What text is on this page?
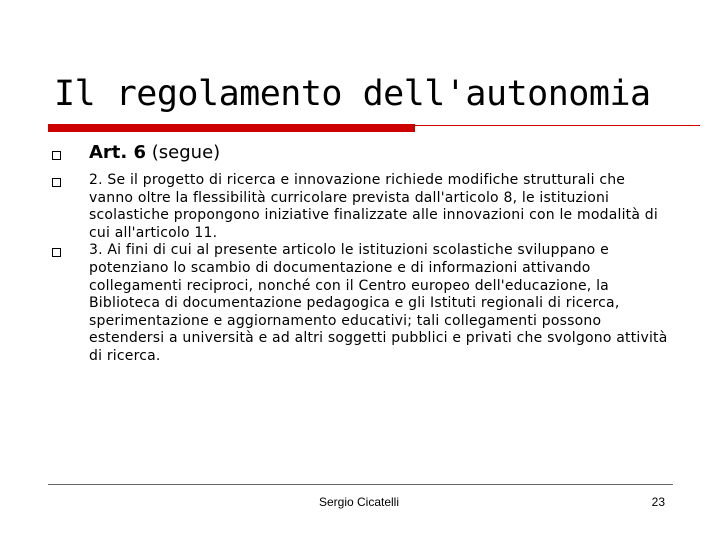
Il regolamento dell'autonomia
Art. 6 (segue)
2. Se il progetto di ricerca e innovazione richiede modifiche strutturali che vanno oltre la flessibilità curricolare prevista dall'articolo 8, le istituzioni scolastiche propongono iniziative finalizzate alle innovazioni con le modalità di cui all'articolo 11.
3. Ai fini di cui al presente articolo le istituzioni scolastiche sviluppano e potenziano lo scambio di documentazione e di informazioni attivando collegamenti reciproci, nonché con il Centro europeo dell'educazione, la Biblioteca di documentazione pedagogica e gli Istituti regionali di ricerca, sperimentazione e aggiornamento educativi; tali collegamenti possono estendersi a università e ad altri soggetti pubblici e privati che svolgono attività di ricerca.
Sergio Cicatelli	23
